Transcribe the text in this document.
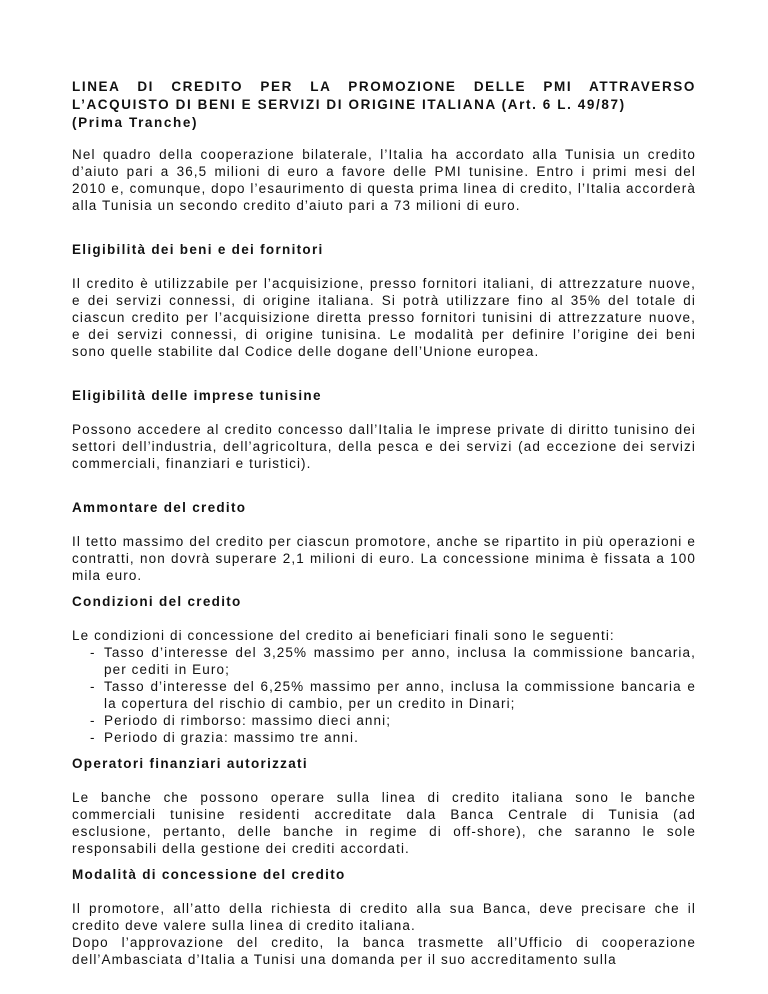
LINEA DI CREDITO PER LA PROMOZIONE DELLE PMI ATTRAVERSO
L’ACQUISTO DI BENI E SERVIZI DI ORIGINE ITALIANA (Art. 6 L. 49/87)
(Prima Tranche)

Nel quadro della cooperazione bilaterale, l’Italia ha accordato alla Tunisia un credito d’aiuto pari a 36,5 milioni di euro a favore delle PMI tunisine. Entro i primi mesi del 2010 e, comunque, dopo l’esaurimento di questa prima linea di credito, l’Italia accorderà alla Tunisia un secondo credito d’aiuto pari a 73 milioni di euro.

Eligibilità dei beni e dei fornitori

Il credito è utilizzabile per l’acquisizione, presso fornitori italiani, di attrezzature nuove, e dei servizi connessi, di origine italiana. Si potrà utilizzare fino al 35% del totale di ciascun credito per l’acquisizione diretta presso fornitori tunisini di attrezzature nuove, e dei servizi connessi, di origine tunisina. Le modalità per definire l’origine dei beni sono quelle stabilite dal Codice delle dogane dell’Unione europea.

Eligibilità delle imprese tunisine

Possono accedere al credito concesso dall’Italia le imprese private di diritto tunisino dei settori dell’industria, dell’agricoltura, della pesca e dei servizi (ad eccezione dei servizi commerciali, finanziari e turistici).

Ammontare del credito

Il tetto massimo del credito per ciascun promotore, anche se ripartito in più operazioni e contratti, non dovrà superare 2,1 milioni di euro. La concessione minima è fissata a 100 mila euro.

Condizioni del credito

Le condizioni di concessione del credito ai beneficiari finali sono le seguenti:

- Tasso d’interesse del 3,25% massimo per anno, inclusa la commissione bancaria, per cediti in Euro;
- Tasso d’interesse del 6,25% massimo per anno, inclusa la commissione bancaria e la copertura del rischio di cambio, per un credito in Dinari;
- Periodo di rimborso: massimo dieci anni;
- Periodo di grazia: massimo tre anni.
Operatori finanziari autorizzati

Le banche che possono operare sulla linea di credito italiana sono le banche commerciali tunisine residenti accreditate dala Banca Centrale di Tunisia (ad esclusione, pertanto, delle banche in regime di off-shore), che saranno le sole responsabili della gestione dei crediti accordati.

Modalità di concessione del credito

Il promotore, all’atto della richiesta di credito alla sua Banca, deve precisare che il credito deve valere sulla linea di credito italiana.

Dopo l’approvazione del credito, la banca trasmette all’Ufficio di cooperazione dell’Ambasciata d’Italia a Tunisi una domanda per il suo accreditamento sulla
